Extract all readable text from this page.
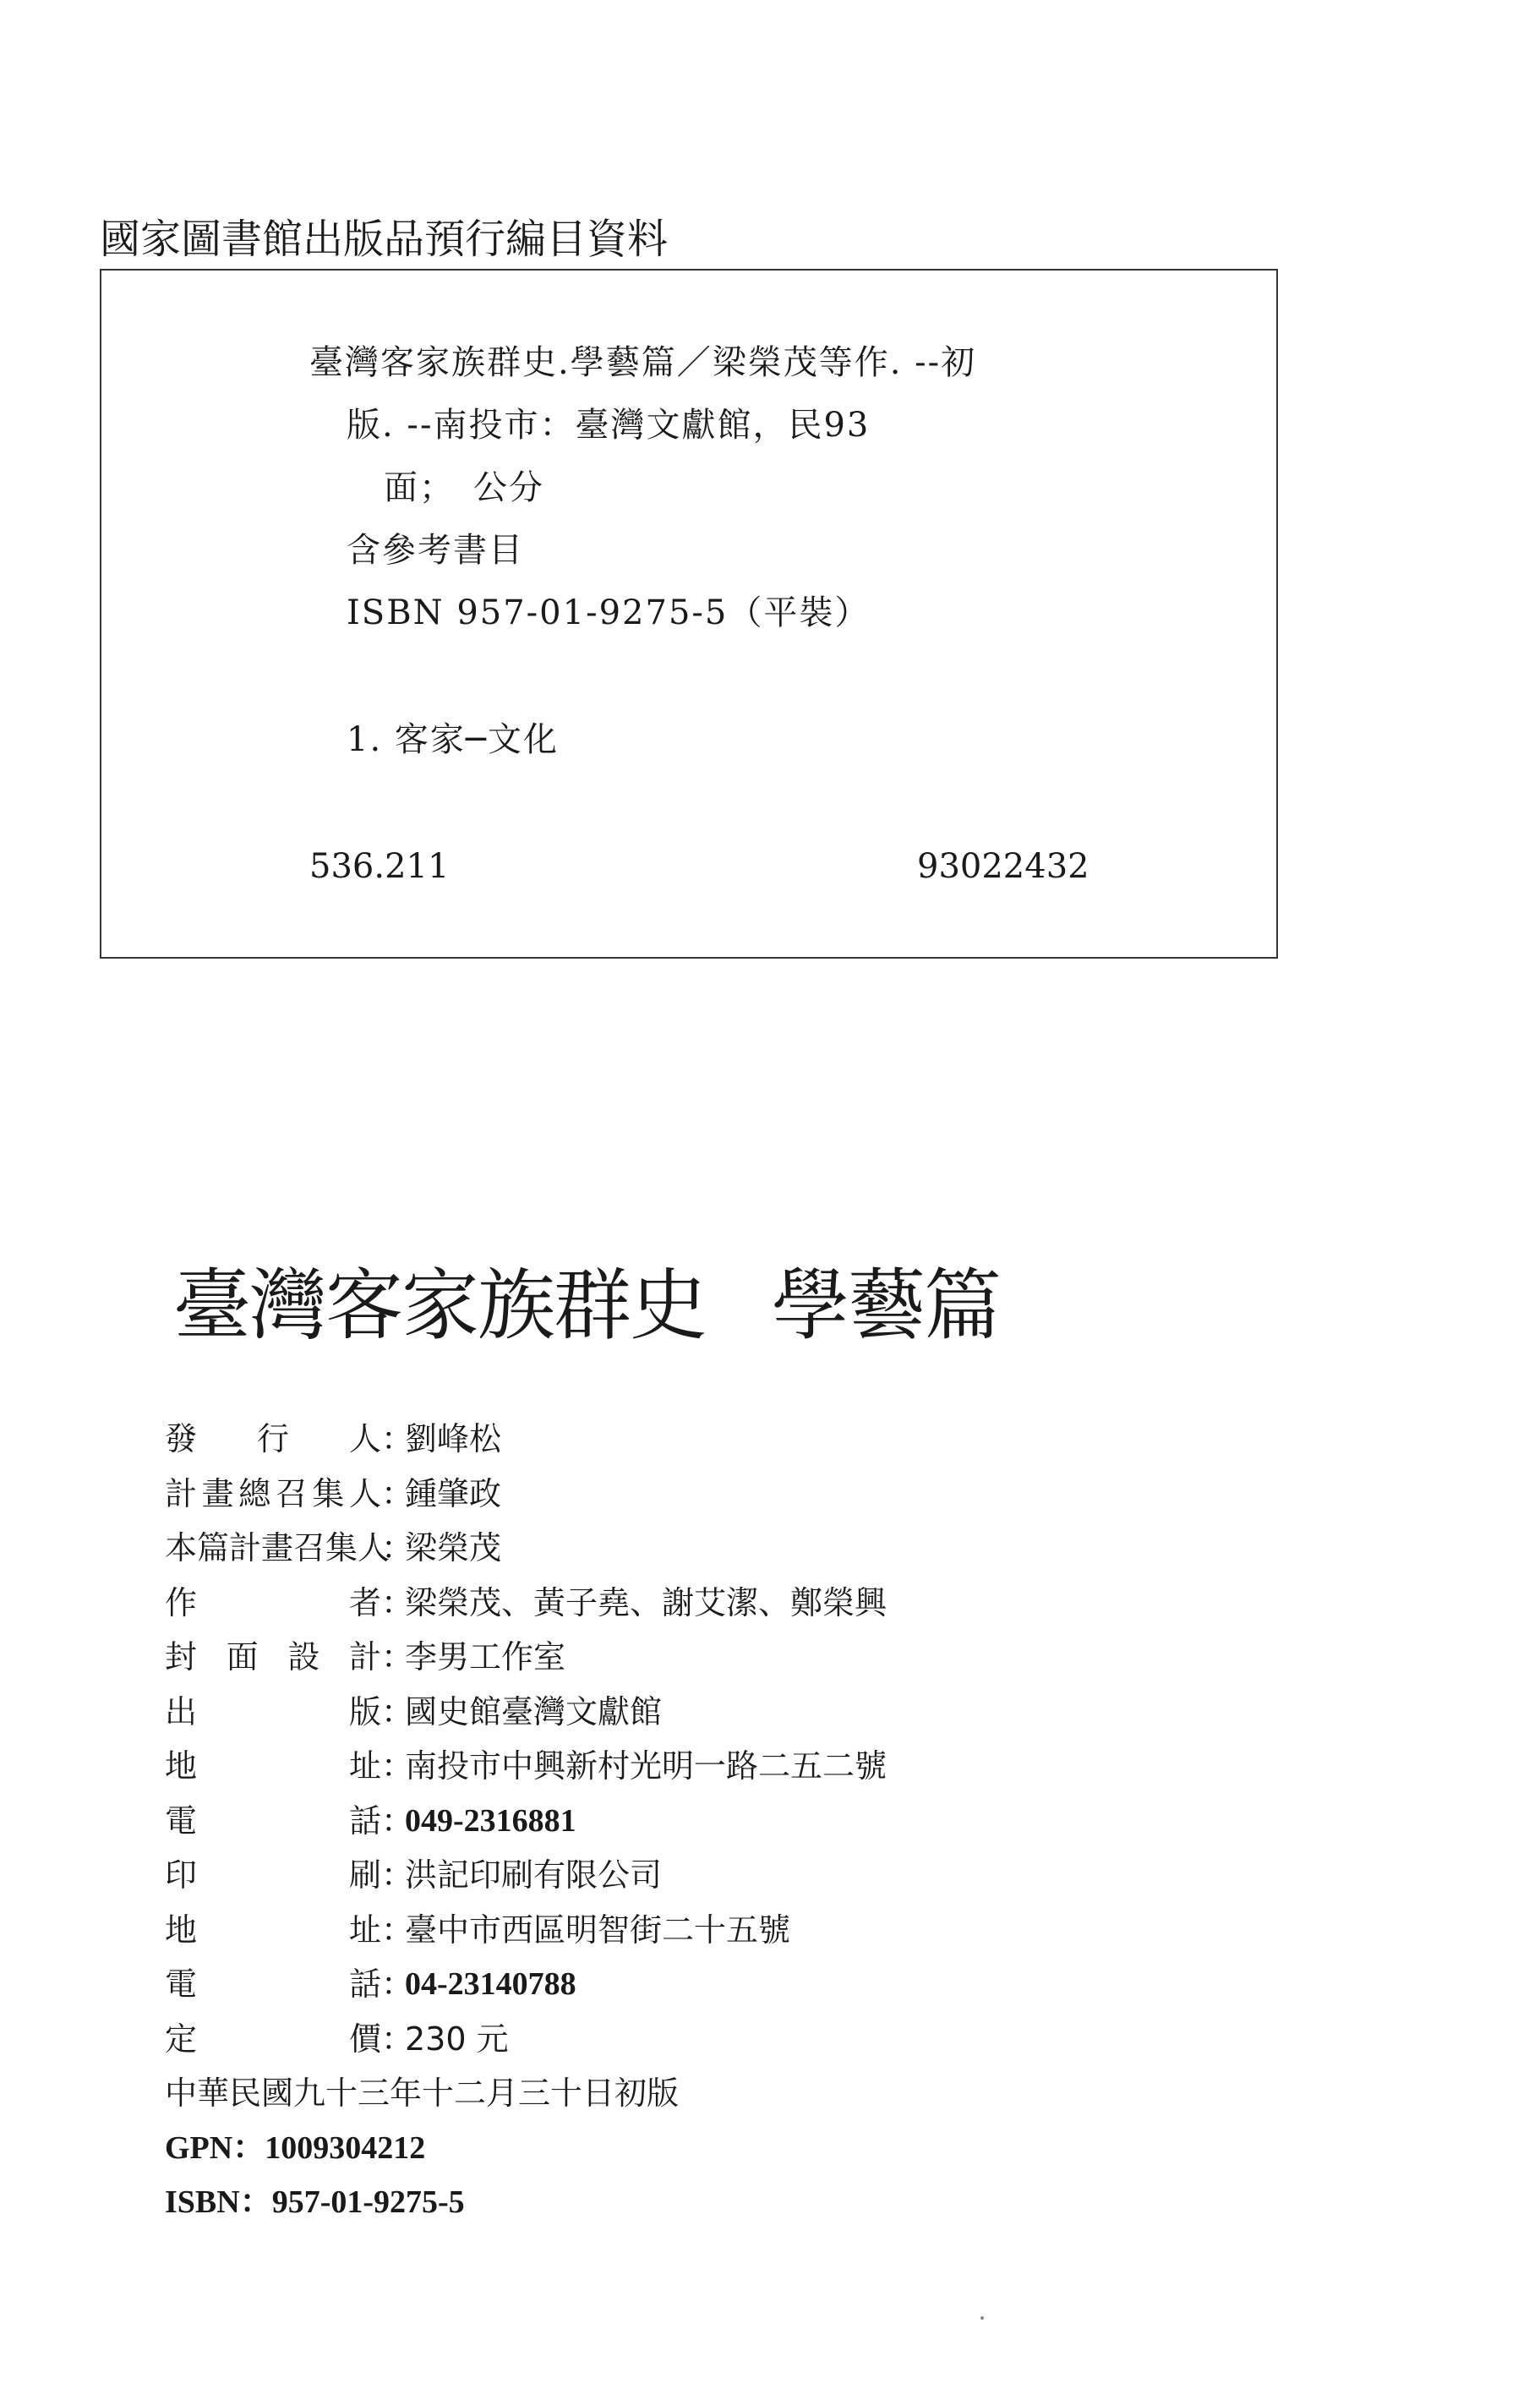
國家圖書館出版品預行編目資料
臺灣客家族群史.學藝篇／梁榮茂等作. --初
版. --南投市：臺灣文獻館，民93
面；　公分
含參考書目
ISBN 957-01-9275-5（平裝）
1. 客家─文化
536.211	93022432
臺灣客家族群史 學藝篇
發行人 ：
劉峰松
計畫總召集人 ：
鍾肇政
本篇計畫召集人
：
梁榮茂
作者 ：
梁榮茂、黃子堯、謝艾潔、鄭榮興
封面設計 ：
李男工作室
出版 ：
國史館臺灣文獻館
地址 ：
南投市中興新村光明一路二五二號
電話 ：
049-2316881
印刷 ：
洪記印刷有限公司
地址 ：
臺中市西區明智街二十五號
電話 ：
04-23140788
定價 ：
230 元
中華民國九十三年十二月三十日初版
GPN：1009304212
ISBN：957-01-9275-5
